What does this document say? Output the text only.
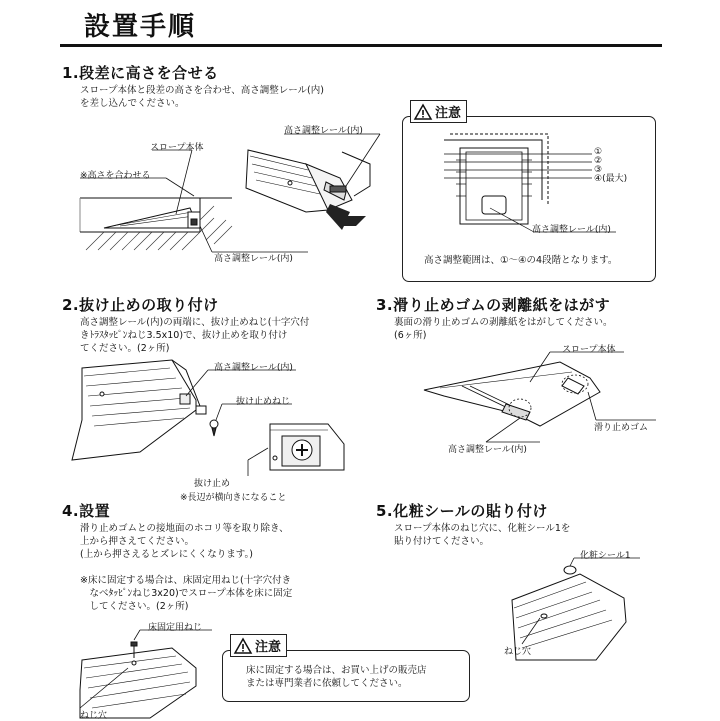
設置手順
1.段差に高さを合せる
スロープ本体と段差の高さを合わせ、高さ調整レール(内)
を差し込んでください。
スロープ本体
※高さを合わせる
高さ調整レール(内)
高さ調整レール(内)
注意
①
②
③
④(最大)
高さ調整レール(内)
高さ調整範囲は、①～④の4段階となります。
2.抜け止めの取り付け
高さ調整レール(内)の両端に、抜け止めねじ(十字穴付
きﾄﾗｽﾀｯﾋﾟﾝねじ3.5x10)で、抜け止めを取り付け
てください。(2ヶ所)
高さ調整レール(内)
抜け止めねじ
抜け止め
※長辺が横向きになること
3.滑り止めゴムの剥離紙をはがす
裏面の滑り止めゴムの剥離紙をはがしてください。
(6ヶ所)
スロープ本体
滑り止めゴム
高さ調整レール(内)
4.設置
滑り止めゴムとの接地面のホコリ等を取り除き、
上から押さえてください。
(上から押さえるとズレにくくなります。)
※床に固定する場合は、床固定用ねじ(十字穴付き
　なべﾀｯﾋﾟﾝねじ3x20)でスロープ本体を床に固定
　してください。(2ヶ所)
床固定用ねじ
ねじ穴
注意
床に固定する場合は、お買い上げの販売店
または専門業者に依頼してください。
5.化粧シールの貼り付け
スロープ本体のねじ穴に、化粧シール1を
貼り付けてください。
化粧シール1
ねじ穴
